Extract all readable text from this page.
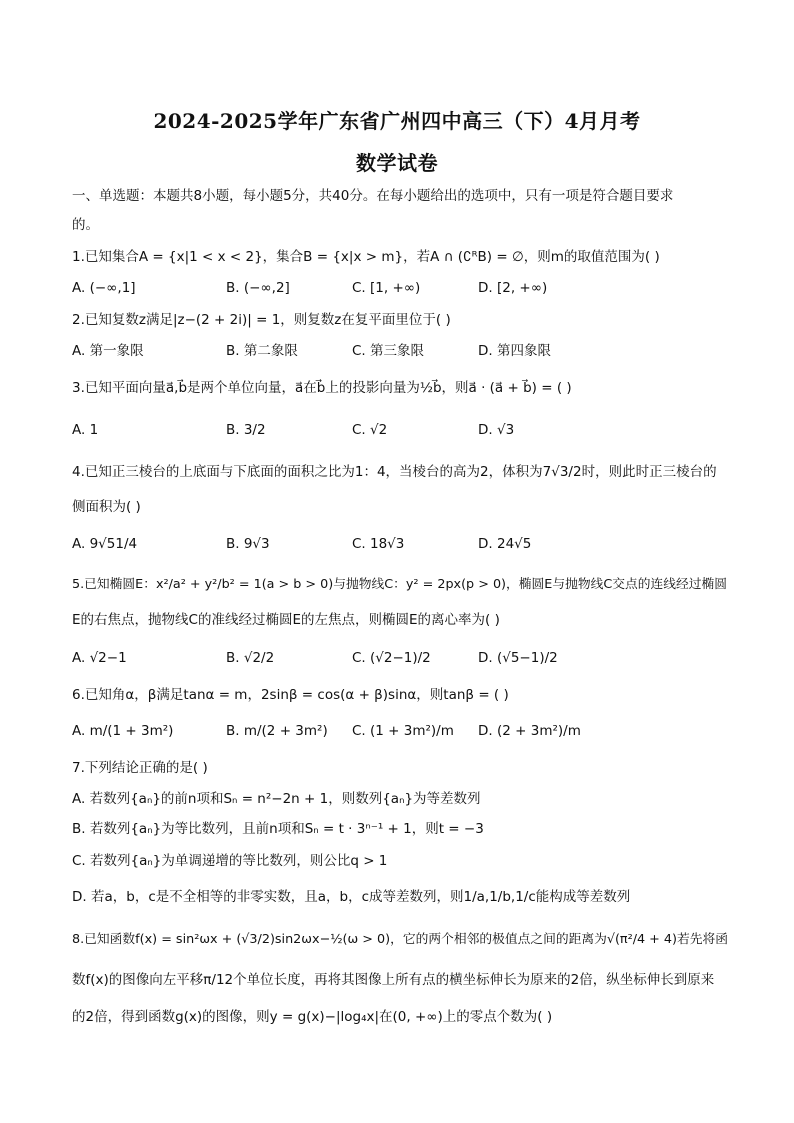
2024-2025学年广东省广州四中高三（下）4月月考
数学试卷
一、单选题：本题共8小题，每小题5分，共40分。在每小题给出的选项中，只有一项是符合题目要求
的。
1.已知集合A = {x|1 < x < 2}，集合B = {x|x > m}，若A ∩ (∁ᴿB) = ∅，则m的取值范围为( )
A. (−∞,1]	B. (−∞,2]	C. [1, +∞)	D. [2, +∞)
2.已知复数z满足|z−(2 + 2i)| = 1，则复数z在复平面里位于( )
A. 第一象限	B. 第二象限	C. 第三象限	D. 第四象限
3.已知平面向量a⃗,b⃗是两个单位向量，a⃗在b⃗上的投影向量为½b⃗，则a⃗ · (a⃗ + b⃗) = ( )
A. 1	B. 3/2	C. √2	D. √3
4.已知正三棱台的上底面与下底面的面积之比为1：4，当棱台的高为2，体积为7√3/2时，则此时正三棱台的
侧面积为( )
A. 9√51/4	B. 9√3	C. 18√3	D. 24√5
5.已知椭圆E：x²/a² + y²/b² = 1(a > b > 0)与抛物线C：y² = 2px(p > 0)，椭圆E与抛物线C交点的连线经过椭圆
E的右焦点，抛物线C的准线经过椭圆E的左焦点，则椭圆E的离心率为( )
A. √2−1	B. √2/2	C. (√2−1)/2	D. (√5−1)/2
6.已知角α，β满足tanα = m，2sinβ = cos(α + β)sinα，则tanβ = ( )
A. m/(1 + 3m²)	B. m/(2 + 3m²) C. (1 + 3m²)/m D. (2 + 3m²)/m
7.下列结论正确的是( )
A. 若数列{aₙ}的前n项和Sₙ = n²−2n + 1，则数列{aₙ}为等差数列
B. 若数列{aₙ}为等比数列，且前n项和Sₙ = t · 3ⁿ⁻¹ + 1，则t = −3
C. 若数列{aₙ}为单调递增的等比数列，则公比q > 1
D. 若a，b，c是不全相等的非零实数，且a，b，c成等差数列，则1/a,1/b,1/c能构成等差数列
8.已知函数f(x) = sin²ωx + (√3/2)sin2ωx−½(ω > 0)，它的两个相邻的极值点之间的距离为√(π²/4 + 4)若先将函
数f(x)的图像向左平移π/12个单位长度，再将其图像上所有点的横坐标伸长为原来的2倍，纵坐标伸长到原来
的2倍，得到函数g(x)的图像，则y = g(x)−|log₄x|在(0, +∞)上的零点个数为( )
